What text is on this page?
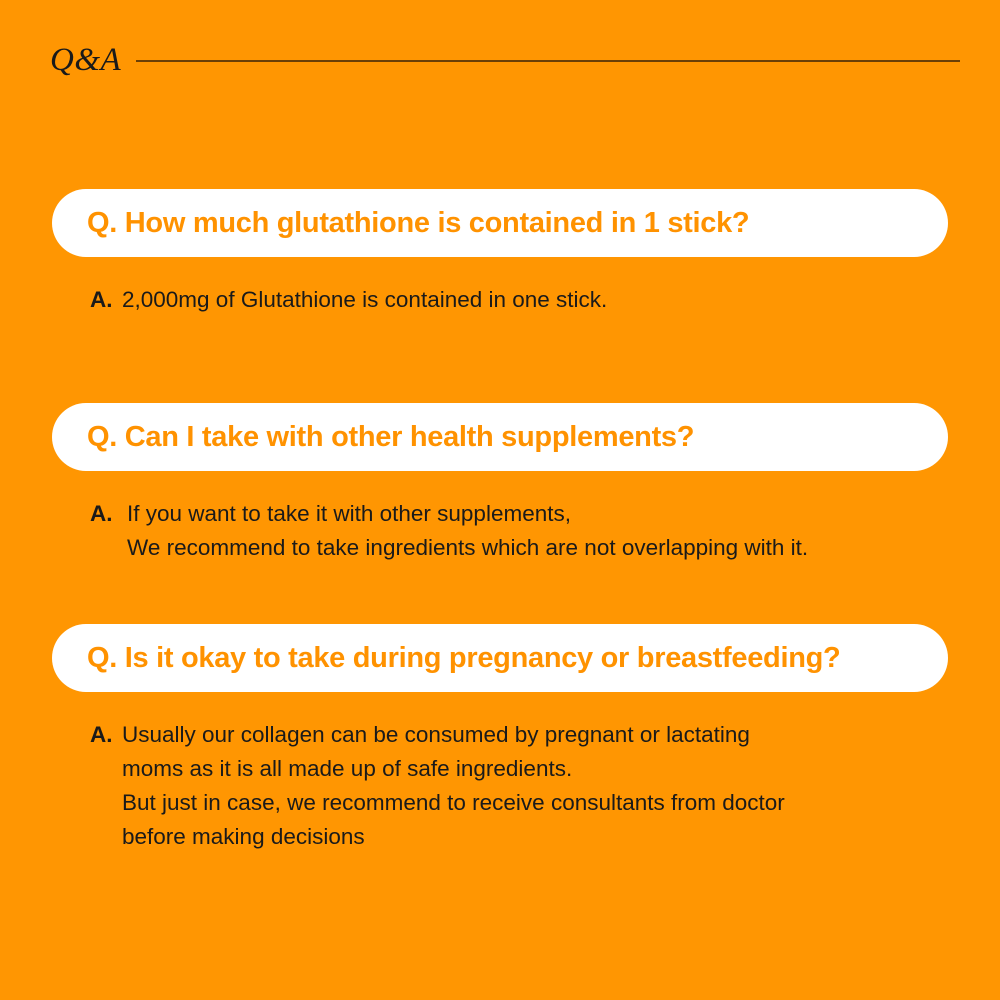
Q&A
Q. How much glutathione is contained in 1 stick?
A. 2,000mg of Glutathione is contained in one stick.
Q. Can I take with other health supplements?
A. If you want to take it with other supplements,
We recommend to take ingredients which are not overlapping with it.
Q. Is it okay to take during pregnancy or breastfeeding?
A. Usually our collagen can be consumed by pregnant or lactating
moms as it is all made up of safe ingredients.
But just in case, we recommend to receive consultants from doctor
before making decisions
